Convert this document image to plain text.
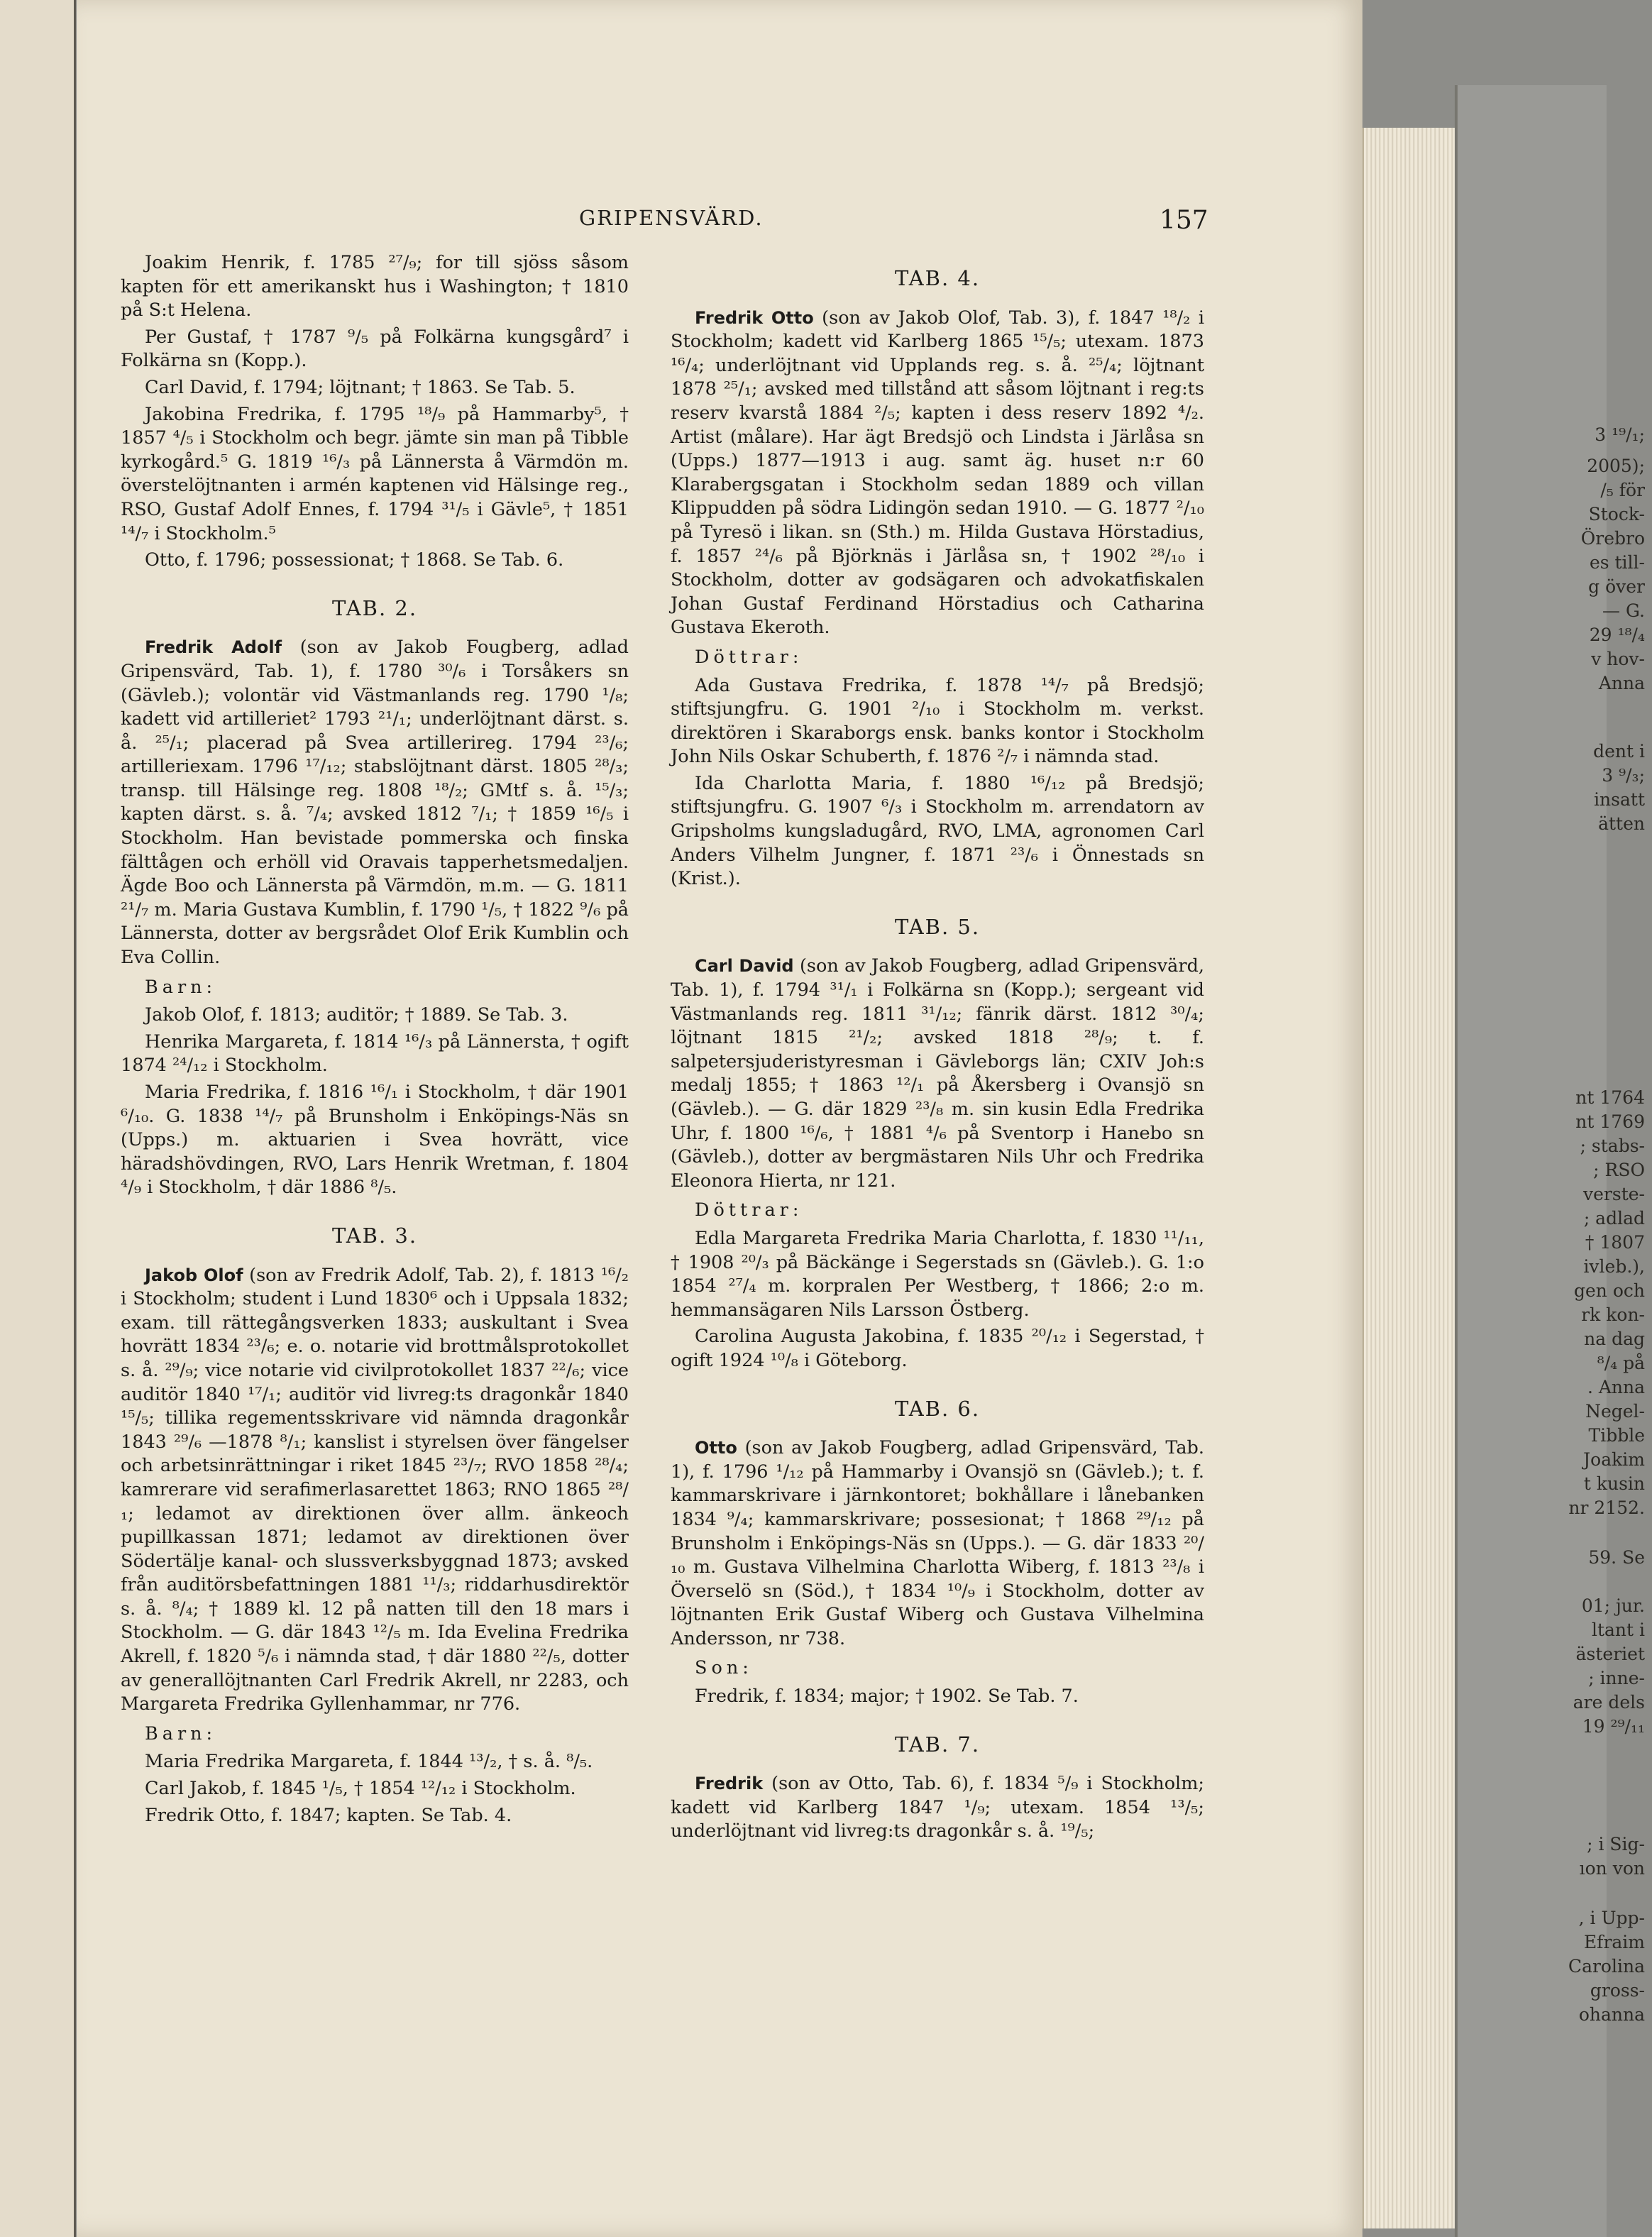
GRIPENSVÄRD.	157

Joakim Henrik, f. 1785 ²⁷/₉; for till sjöss såsom kapten för ett amerikanskt hus i Washington; † 1810 på S:t Helena.

Per Gustaf, † 1787 ⁹/₅ på Folkärna kungsgård⁷ i Folkärna sn (Kopp.).

Carl David, f. 1794; löjtnant; † 1863. Se Tab. 5.

Jakobina Fredrika, f. 1795 ¹⁸/₉ på Hammarby⁵, † 1857 ⁴/₅ i Stockholm och begr. jämte sin man på Tibble kyrkogård.⁵ G. 1819 ¹⁶/₃ på Lännersta å Värmdön m. överstelöjtnanten i armén kaptenen vid Hälsinge reg., RSO, Gustaf Adolf Ennes, f. 1794 ³¹/₅ i Gävle⁵, † 1851 ¹⁴/₇ i Stockholm.⁵

Otto, f. 1796; possessionat; † 1868. Se Tab. 6.

TAB. 2.

Fredrik Adolf (son av Jakob Fougberg, adlad Gripensvärd, Tab. 1), f. 1780 ³⁰/₆ i Torsåkers sn (Gävleb.); volontär vid Västmanlands reg. 1790 ¹/₈; kadett vid artilleriet² 1793 ²¹/₁; underlöjtnant därst. s. å. ²⁵/₁; placerad på Svea artillerireg. 1794 ²³/₆; artilleriexam. 1796 ¹⁷/₁₂; stabslöjtnant därst. 1805 ²⁸/₃; transp. till Hälsinge reg. 1808 ¹⁸/₂; GMtf s. å. ¹⁵/₃; kapten därst. s. å. ⁷/₄; avsked 1812 ⁷/₁; † 1859 ¹⁶/₅ i Stockholm. Han bevistade pommerska och finska fälttågen och erhöll vid Oravais tapperhetsmedaljen. Ägde Boo och Lännersta på Värmdön, m.m. — G. 1811 ²¹/₇ m. Maria Gustava Kumblin, f. 1790 ¹/₅, † 1822 ⁹/₆ på Lännersta, dotter av bergsrådet Olof Erik Kumblin och Eva Collin.

Barn:

Jakob Olof, f. 1813; auditör; † 1889. Se Tab. 3.

Henrika Margareta, f. 1814 ¹⁶/₃ på Lännersta, † ogift 1874 ²⁴/₁₂ i Stockholm.

Maria Fredrika, f. 1816 ¹⁶/₁ i Stockholm, † där 1901 ⁶/₁₀. G. 1838 ¹⁴/₇ på Brunsholm i Enköpings-Näs sn (Upps.) m. aktuarien i Svea hovrätt, vice häradshövdingen, RVO, Lars Henrik Wretman, f. 1804 ⁴/₉ i Stockholm, † där 1886 ⁸/₅.

TAB. 3.

Jakob Olof (son av Fredrik Adolf, Tab. 2), f. 1813 ¹⁶/₂ i Stockholm; student i Lund 1830⁶ och i Uppsala 1832; exam. till rättegångsverken 1833; auskultant i Svea hovrätt 1834 ²³/₆; e. o. notarie vid brottmålsprotokollet s. å. ²⁹/₉; vice notarie vid civilprotokollet 1837 ²²/₆; vice auditör 1840 ¹⁷/₁; auditör vid livreg:ts dragonkår 1840 ¹⁵/₅; tillika regementsskrivare vid nämnda dragonkår 1843 ²⁹/₆ —1878 ⁸/₁; kanslist i styrelsen över fängelser och arbetsinrättningar i riket 1845 ²³/₇; RVO 1858 ²⁸/₄; kamrerare vid serafimerlasarettet 1863; RNO 1865 ²⁸/₁; ledamot av direktionen över allm. änkeoch pupillkassan 1871; ledamot av direktionen över Södertälje kanal- och slussverksbyggnad 1873; avsked från auditörsbefattningen 1881 ¹¹/₃; riddarhusdirektör s. å. ⁸/₄; † 1889 kl. 12 på natten till den 18 mars i Stockholm. — G. där 1843 ¹²/₅ m. Ida Evelina Fredrika Akrell, f. 1820 ⁵/₆ i nämnda stad, † där 1880 ²²/₅, dotter av generallöjtnanten Carl Fredrik Akrell, nr 2283, och Margareta Fredrika Gyllenhammar, nr 776.

Barn:

Maria Fredrika Margareta, f. 1844 ¹³/₂, † s. å. ⁸/₅.

Carl Jakob, f. 1845 ¹/₅, † 1854 ¹²/₁₂ i Stockholm.

Fredrik Otto, f. 1847; kapten. Se Tab. 4.

TAB. 4.

Fredrik Otto (son av Jakob Olof, Tab. 3), f. 1847 ¹⁸/₂ i Stockholm; kadett vid Karlberg 1865 ¹⁵/₅; utexam. 1873 ¹⁶/₄; underlöjtnant vid Upplands reg. s. å. ²⁵/₄; löjtnant 1878 ²⁵/₁; avsked med tillstånd att såsom löjtnant i reg:ts reserv kvarstå 1884 ²/₅; kapten i dess reserv 1892 ⁴/₂. Artist (målare). Har ägt Bredsjö och Lindsta i Järlåsa sn (Upps.) 1877—1913 i aug. samt äg. huset n:r 60 Klarabergsgatan i Stockholm sedan 1889 och villan Klippudden på södra Lidingön sedan 1910. — G. 1877 ²/₁₀ på Tyresö i likan. sn (Sth.) m. Hilda Gustava Hörstadius, f. 1857 ²⁴/₆ på Björknäs i Järlåsa sn, † 1902 ²⁸/₁₀ i Stockholm, dotter av godsägaren och advokatfiskalen Johan Gustaf Ferdinand Hörstadius och Catharina Gustava Ekeroth.

Döttrar:

Ada Gustava Fredrika, f. 1878 ¹⁴/₇ på Bredsjö; stiftsjungfru. G. 1901 ²/₁₀ i Stockholm m. verkst. direktören i Skaraborgs ensk. banks kontor i Stockholm John Nils Oskar Schuberth, f. 1876 ²/₇ i nämnda stad.

Ida Charlotta Maria, f. 1880 ¹⁶/₁₂ på Bredsjö; stiftsjungfru. G. 1907 ⁶/₃ i Stockholm m. arrendatorn av Gripsholms kungsladugård, RVO, LMA, agronomen Carl Anders Vilhelm Jungner, f. 1871 ²³/₆ i Önnestads sn (Krist.).

TAB. 5.

Carl David (son av Jakob Fougberg, adlad Gripensvärd, Tab. 1), f. 1794 ³¹/₁ i Folkärna sn (Kopp.); sergeant vid Västmanlands reg. 1811 ³¹/₁₂; fänrik därst. 1812 ³⁰/₄; löjtnant 1815 ²¹/₂; avsked 1818 ²⁸/₉; t. f. salpetersjuderistyresman i Gävleborgs län; CXIV Joh:s medalj 1855; † 1863 ¹²/₁ på Åkersberg i Ovansjö sn (Gävleb.). — G. där 1829 ²³/₈ m. sin kusin Edla Fredrika Uhr, f. 1800 ¹⁶/₆, † 1881 ⁴/₆ på Sventorp i Hanebo sn (Gävleb.), dotter av bergmästaren Nils Uhr och Fredrika Eleonora Hierta, nr 121.

Döttrar:

Edla Margareta Fredrika Maria Charlotta, f. 1830 ¹¹/₁₁, † 1908 ²⁰/₃ på Bäckänge i Segerstads sn (Gävleb.). G. 1:o 1854 ²⁷/₄ m. korpralen Per Westberg, † 1866; 2:o m. hemmansägaren Nils Larsson Östberg.

Carolina Augusta Jakobina, f. 1835 ²⁰/₁₂ i Segerstad, † ogift 1924 ¹⁰/₈ i Göteborg.

TAB. 6.

Otto (son av Jakob Fougberg, adlad Gripensvärd, Tab. 1), f. 1796 ¹/₁₂ på Hammarby i Ovansjö sn (Gävleb.); t. f. kammarskrivare i järnkontoret; bokhållare i lånebanken 1834 ⁹/₄; kammarskrivare; possesionat; † 1868 ²⁹/₁₂ på Brunsholm i Enköpings-Näs sn (Upps.). — G. där 1833 ²⁰/₁₀ m. Gustava Vilhelmina Charlotta Wiberg, f. 1813 ²³/₈ i Överselö sn (Söd.), † 1834 ¹⁰/₉ i Stockholm, dotter av löjtnanten Erik Gustaf Wiberg och Gustava Vilhelmina Andersson, nr 738.

Son:

Fredrik, f. 1834; major; † 1902. Se Tab. 7.

TAB. 7.

Fredrik (son av Otto, Tab. 6), f. 1834 ⁵/₉ i Stockholm; kadett vid Karlberg 1847 ¹/₉; utexam. 1854 ¹³/₅; underlöjtnant vid livreg:ts dragonkår s. å. ¹⁹/₅;

3 ¹⁹/₁;
2005);
/₅ för
Stock-
Örebro
es till-
g över
— G.
29 ¹⁸/₄
v hov-
Anna
dent i
3 ⁹/₃;
insatt
ätten
nt 1764
nt 1769
; stabs-
; RSO
verste-
; adlad
† 1807
ivleb.),
gen och
rk kon-
na dag
⁸/₄ på
. Anna
Negel-
Tibble
Joakim
t kusin
nr 2152.
59. Se
01; jur.
ltant i
ästeriet
; inne-
are dels
19 ²⁹/₁₁
; i Sig-
ıon von
, i Upp-
Efraim
Carolina
gross-
ohanna
